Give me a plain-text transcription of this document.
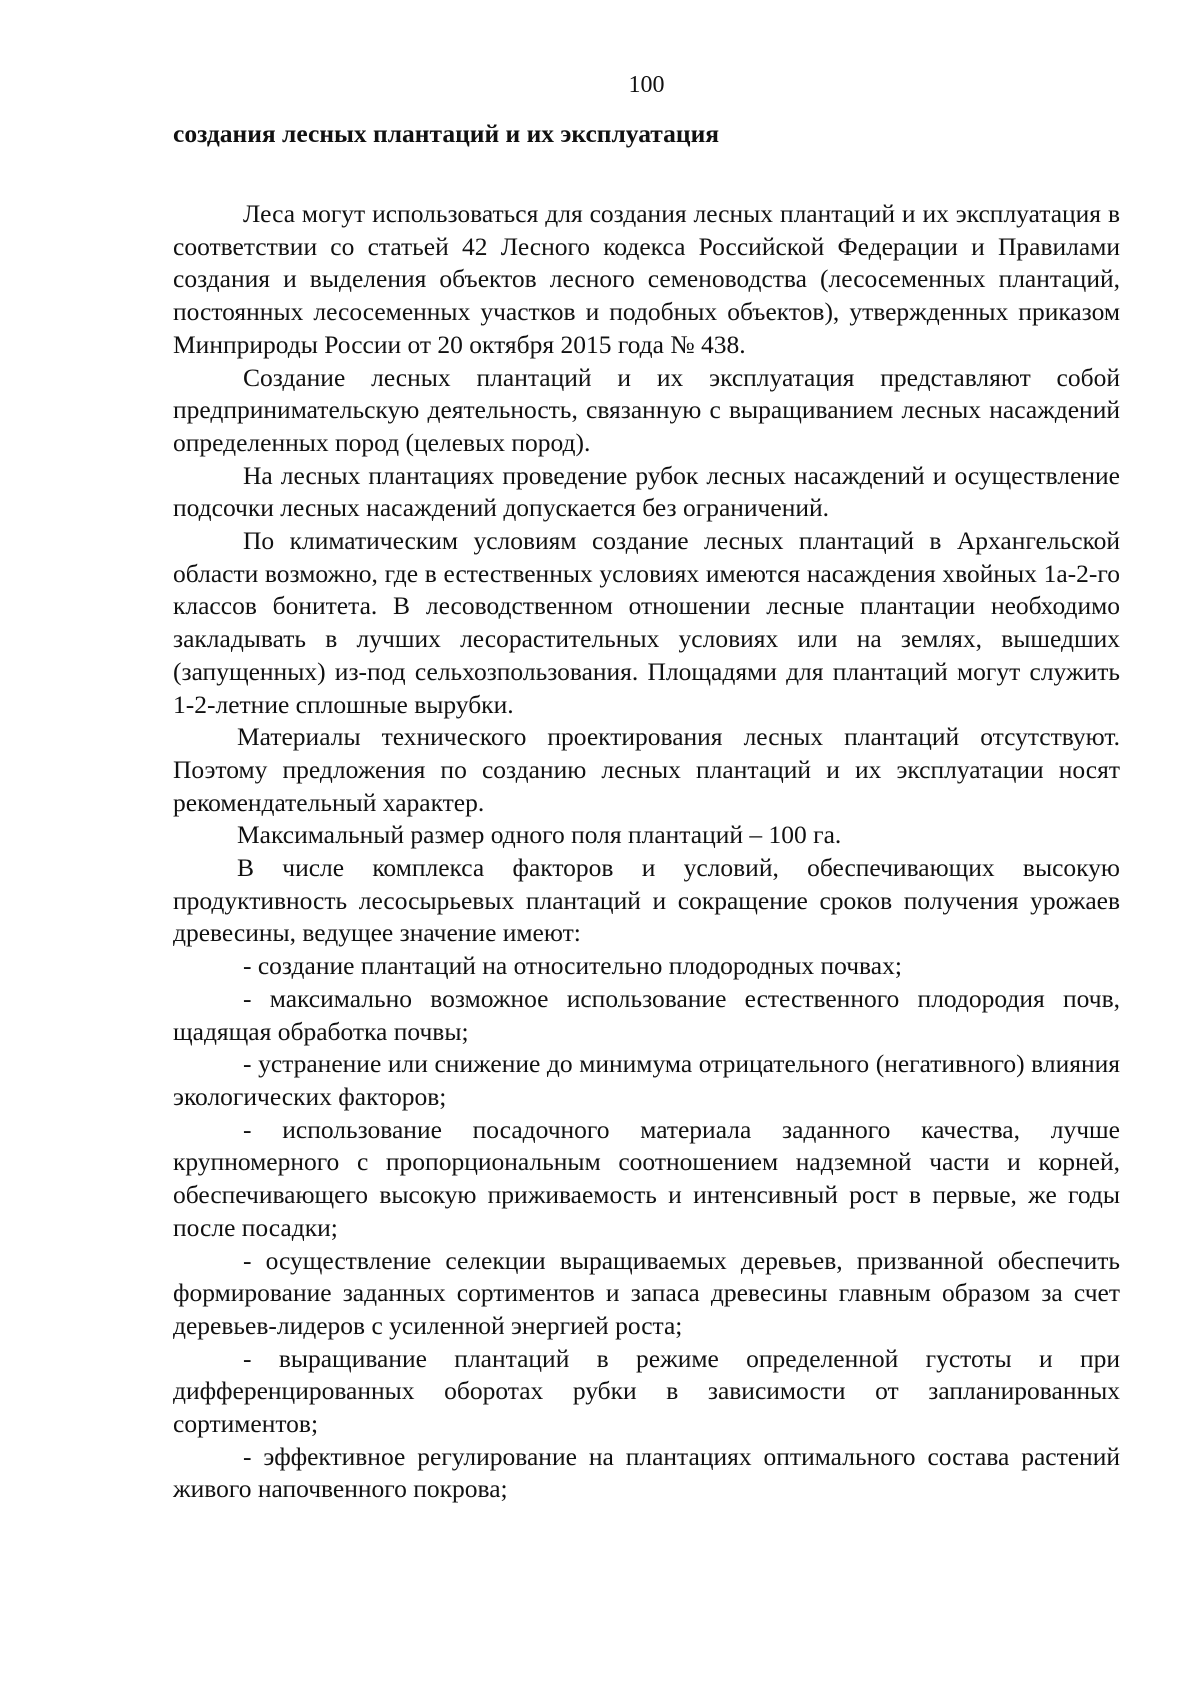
100
создания лесных плантаций и их эксплуатация

Леса могут использоваться для создания лесных плантаций и их эксплуатация в соответствии со статьей 42 Лесного кодекса Российской Федерации и Правилами создания и выделения объектов лесного семеноводства (лесосеменных плантаций, постоянных лесосеменных участков и подобных объектов), утвержденных приказом Минприроды России от 20 октября 2015 года № 438.

Создание лесных плантаций и их эксплуатация представляют собой предпринимательскую деятельность, связанную с выращиванием лесных насаждений определенных пород (целевых пород).

На лесных плантациях проведение рубок лесных насаждений и осуществление подсочки лесных насаждений допускается без ограничений.

По климатическим условиям создание лесных плантаций в Архангельской области возможно, где в естественных условиях имеются насаждения хвойных 1а-2-го классов бонитета. В лесоводственном отношении лесные плантации необходимо закладывать в лучших лесорастительных условиях или на землях, вышедших (запущенных) из-под сельхозпользования. Площадями для плантаций могут служить 1-2-летние сплошные вырубки.

Материалы технического проектирования лесных плантаций отсутствуют. Поэтому предложения по созданию лесных плантаций и их эксплуатации носят рекомендательный характер.

Максимальный размер одного поля плантаций – 100 га.

В числе комплекса факторов и условий, обеспечивающих высокую продуктивность лесосырьевых плантаций и сокращение сроков получения урожаев древесины, ведущее значение имеют:

- создание плантаций на относительно плодородных почвах;

- максимально возможное использование естественного плодородия почв, щадящая обработка почвы;

- устранение или снижение до минимума отрицательного (негативного) влияния экологических факторов;

- использование посадочного материала заданного качества, лучше крупномерного с пропорциональным соотношением надземной части и корней, обеспечивающего высокую приживаемость и интенсивный рост в первые, же годы после посадки;

- осуществление селекции выращиваемых деревьев, призванной обеспечить формирование заданных сортиментов и запаса древесины главным образом за счет деревьев-лидеров с усиленной энергией роста;

- выращивание плантаций в режиме определенной густоты и при дифференцированных оборотах рубки в зависимости от запланированных сортиментов;

- эффективное регулирование на плантациях оптимального состава растений живого напочвенного покрова;
